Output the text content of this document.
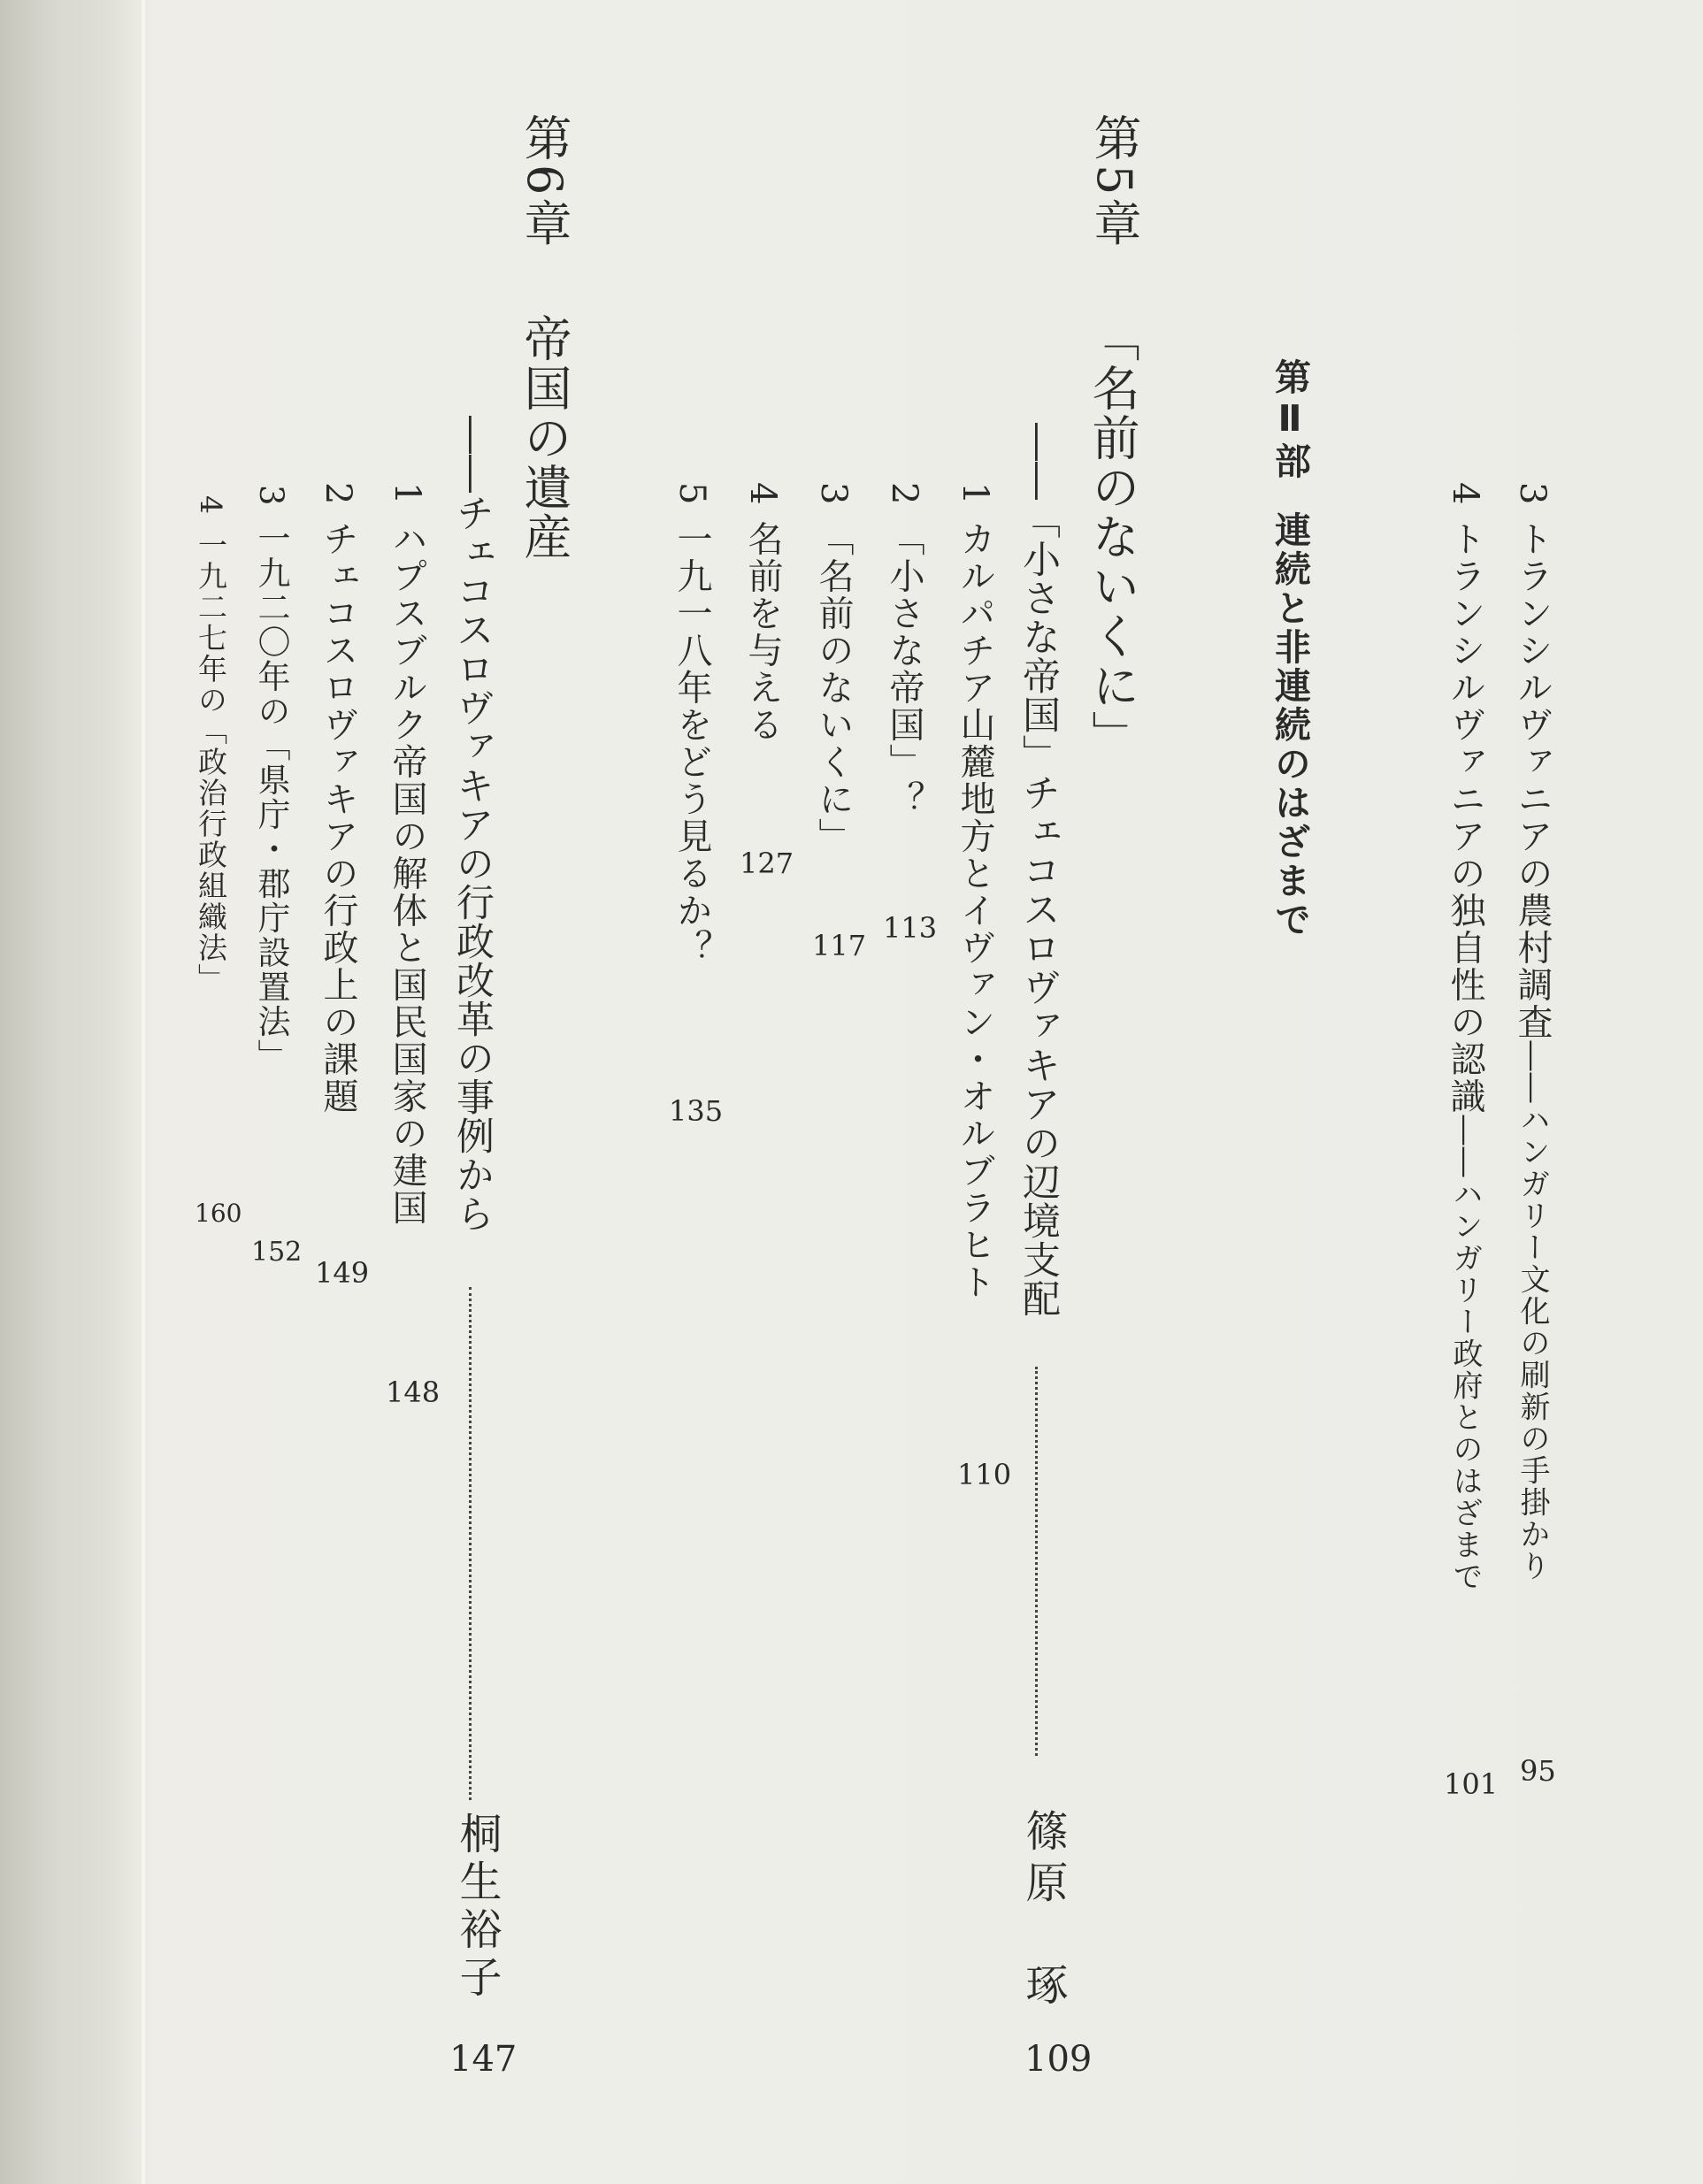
3トランシルヴァニアの農村調査――ハンガリー文化の刷新の手掛かり
95
4トランシルヴァニアの独自性の認識――ハンガリー政府とのはざまで
101
第Ⅱ部連続と非連続のはざまで
第5章
「名前のないくに」
――「小さな帝国」チェコスロヴァキアの辺境支配
篠原　琢
109
1カルパチア山麓地方とイヴァン・オルブラヒト
110
2「小さな帝国」？
113
3「名前のないくに」
117
4名前を与える
127
5一九一八年をどう見るか？
135
第6章
帝国の遺産
――チェコスロヴァキアの行政改革の事例から
桐生裕子
147
1ハプスブルク帝国の解体と国民国家の建国
148
2チェコスロヴァキアの行政上の課題
149
3一九二〇年の「県庁・郡庁設置法」
152
4一九二七年の「政治行政組織法」
160
